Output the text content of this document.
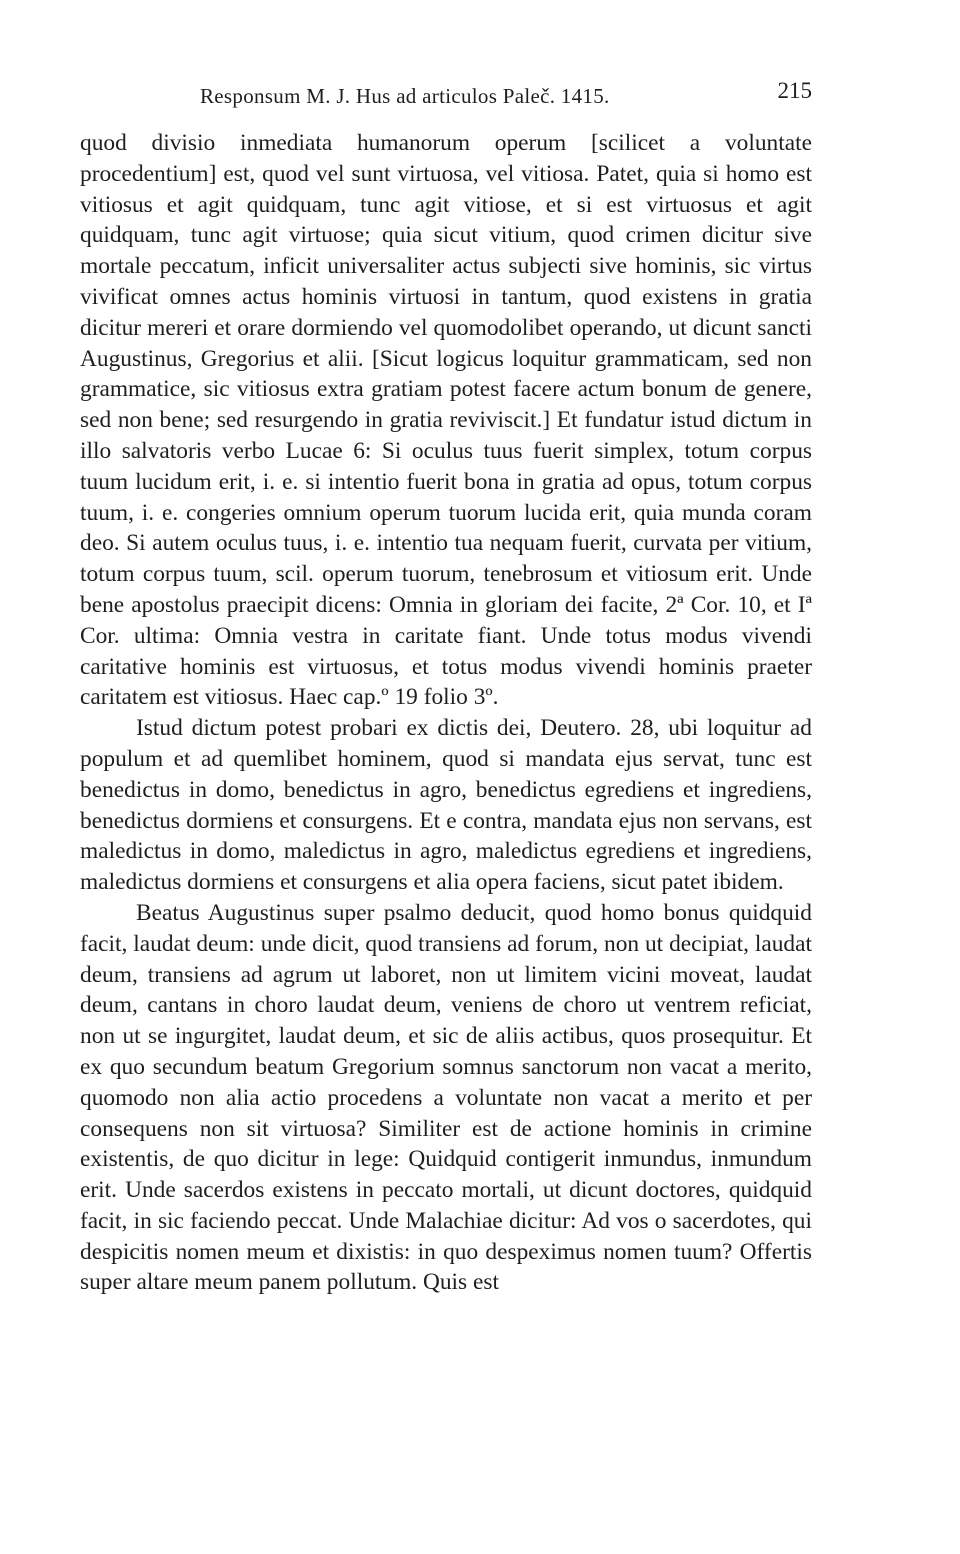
Responsum M. J. Hus ad articulos Paleč. 1415.	215

quod divisio inmediata humanorum operum [scilicet a voluntate procedentium] est, quod vel sunt virtuosa, vel vitiosa. Patet, quia si homo est vitiosus et agit quidquam, tunc agit vitiose, et si est virtuosus et agit quidquam, tunc agit virtuose; quia sicut vitium, quod crimen dicitur sive mortale peccatum, inficit universaliter actus subjecti sive hominis, sic virtus vivificat omnes actus hominis virtuosi in tantum, quod existens in gratia dicitur mereri et orare dormiendo vel quomodolibet operando, ut dicunt sancti Augustinus, Gregorius et alii. [Sicut logicus loquitur grammaticam, sed non grammatice, sic vitiosus extra gratiam potest facere actum bonum de genere, sed non bene; sed resurgendo in gratia reviviscit.] Et fundatur istud dictum in illo salvatoris verbo Lucae 6: Si oculus tuus fuerit simplex, totum corpus tuum lucidum erit, i. e. si intentio fuerit bona in gratia ad opus, totum corpus tuum, i. e. congeries omnium operum tuorum lucida erit, quia munda coram deo. Si autem oculus tuus, i. e. intentio tua nequam fuerit, curvata per vitium, totum corpus tuum, scil. operum tuorum, tenebrosum et vitiosum erit. Unde bene apostolus praecipit dicens: Omnia in gloriam dei facite, 2ª Cor. 10, et Iª Cor. ultima: Omnia vestra in caritate fiant. Unde totus modus vivendi caritative hominis est virtuosus, et totus modus vivendi hominis praeter caritatem est vitiosus. Haec cap.º 19 folio 3º.

Istud dictum potest probari ex dictis dei, Deutero. 28, ubi loquitur ad populum et ad quemlibet hominem, quod si mandata ejus servat, tunc est benedictus in domo, benedictus in agro, benedictus egrediens et ingrediens, benedictus dormiens et consurgens. Et e contra, mandata ejus non servans, est maledictus in domo, maledictus in agro, maledictus egrediens et ingrediens, maledictus dormiens et consurgens et alia opera faciens, sicut patet ibidem.

Beatus Augustinus super psalmo deducit, quod homo bonus quidquid facit, laudat deum: unde dicit, quod transiens ad forum, non ut decipiat, laudat deum, transiens ad agrum ut laboret, non ut limitem vicini moveat, laudat deum, cantans in choro laudat deum, veniens de choro ut ventrem reficiat, non ut se ingurgitet, laudat deum, et sic de aliis actibus, quos prosequitur. Et ex quo secundum beatum Gregorium somnus sanctorum non vacat a merito, quomodo non alia actio procedens a voluntate non vacat a merito et per consequens non sit virtuosa? Similiter est de actione hominis in crimine existentis, de quo dicitur in lege: Quidquid contigerit inmundus, inmundum erit. Unde sacerdos existens in peccato mortali, ut dicunt doctores, quidquid facit, in sic faciendo peccat. Unde Malachiae dicitur: Ad vos o sacerdotes, qui despicitis nomen meum et dixistis: in quo despeximus nomen tuum? Offertis super altare meum panem pollutum. Quis est
